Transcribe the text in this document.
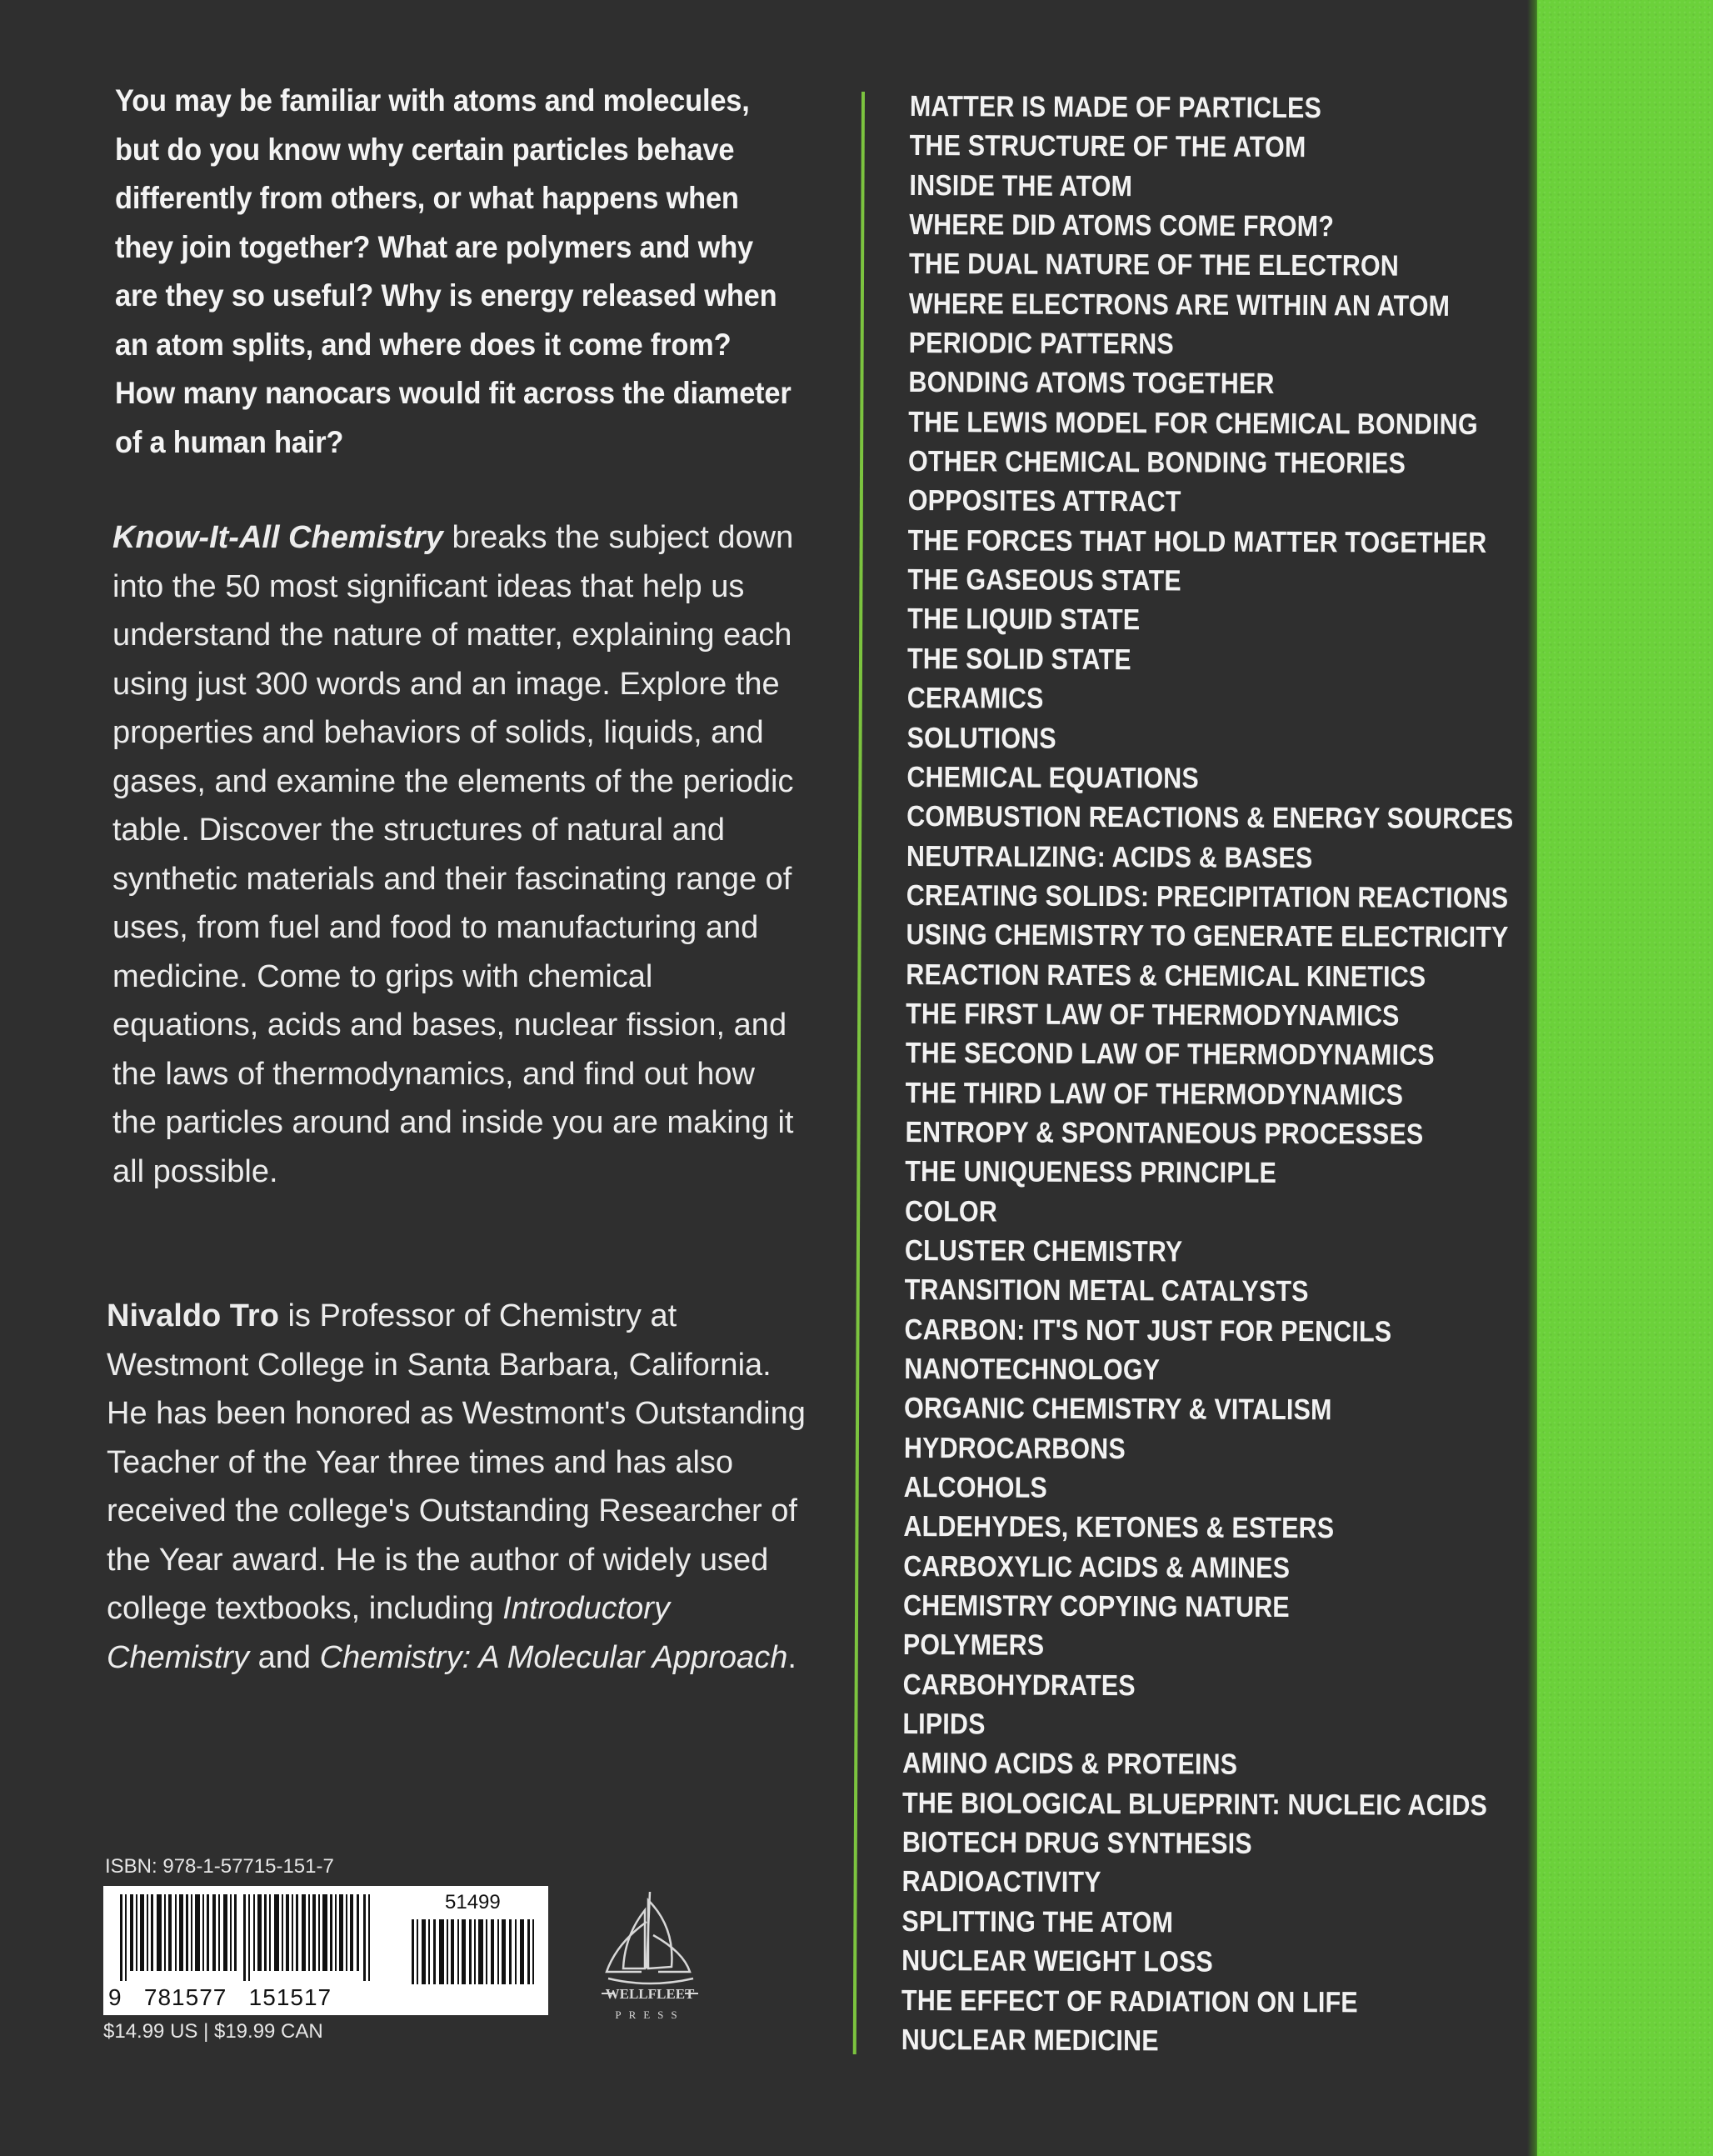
You may be familiar with atoms and molecules, but do you know why certain particles behave differently from others, or what happens when they join together? What are polymers and why are they so useful? Why is energy released when an atom splits, and where does it come from? How many nanocars would fit across the diameter of a human hair?
Know-It-All Chemistry breaks the subject down into the 50 most significant ideas that help us understand the nature of matter, explaining each using just 300 words and an image. Explore the properties and behaviors of solids, liquids, and gases, and examine the elements of the periodic table. Discover the structures of natural and synthetic materials and their fascinating range of uses, from fuel and food to manufacturing and medicine. Come to grips with chemical equations, acids and bases, nuclear fission, and the laws of thermodynamics, and find out how the particles around and inside you are making it all possible.
Nivaldo Tro is Professor of Chemistry at Westmont College in Santa Barbara, California. He has been honored as Westmont's Outstanding Teacher of the Year three times and has also received the college's Outstanding Researcher of the Year award. He is the author of widely used college textbooks, including Introductory Chemistry and Chemistry: A Molecular Approach.
ISBN: 978-1-57715-151-7
51499
9   781577   151517
$14.99 US | $19.99 CAN
WELLFLEET
PRESS
MATTER IS MADE OF PARTICLES
THE STRUCTURE OF THE ATOM
INSIDE THE ATOM
WHERE DID ATOMS COME FROM?
THE DUAL NATURE OF THE ELECTRON
WHERE ELECTRONS ARE WITHIN AN ATOM
PERIODIC PATTERNS
BONDING ATOMS TOGETHER
THE LEWIS MODEL FOR CHEMICAL BONDING
OTHER CHEMICAL BONDING THEORIES
OPPOSITES ATTRACT
THE FORCES THAT HOLD MATTER TOGETHER
THE GASEOUS STATE
THE LIQUID STATE
THE SOLID STATE
CERAMICS
SOLUTIONS
CHEMICAL EQUATIONS
COMBUSTION REACTIONS & ENERGY SOURCES
NEUTRALIZING: ACIDS & BASES
CREATING SOLIDS: PRECIPITATION REACTIONS
USING CHEMISTRY TO GENERATE ELECTRICITY
REACTION RATES & CHEMICAL KINETICS
THE FIRST LAW OF THERMODYNAMICS
THE SECOND LAW OF THERMODYNAMICS
THE THIRD LAW OF THERMODYNAMICS
ENTROPY & SPONTANEOUS PROCESSES
THE UNIQUENESS PRINCIPLE
COLOR
CLUSTER CHEMISTRY
TRANSITION METAL CATALYSTS
CARBON: IT'S NOT JUST FOR PENCILS
NANOTECHNOLOGY
ORGANIC CHEMISTRY & VITALISM
HYDROCARBONS
ALCOHOLS
ALDEHYDES, KETONES & ESTERS
CARBOXYLIC ACIDS & AMINES
CHEMISTRY COPYING NATURE
POLYMERS
CARBOHYDRATES
LIPIDS
AMINO ACIDS & PROTEINS
THE BIOLOGICAL BLUEPRINT: NUCLEIC ACIDS
BIOTECH DRUG SYNTHESIS
RADIOACTIVITY
SPLITTING THE ATOM
NUCLEAR WEIGHT LOSS
THE EFFECT OF RADIATION ON LIFE
NUCLEAR MEDICINE
